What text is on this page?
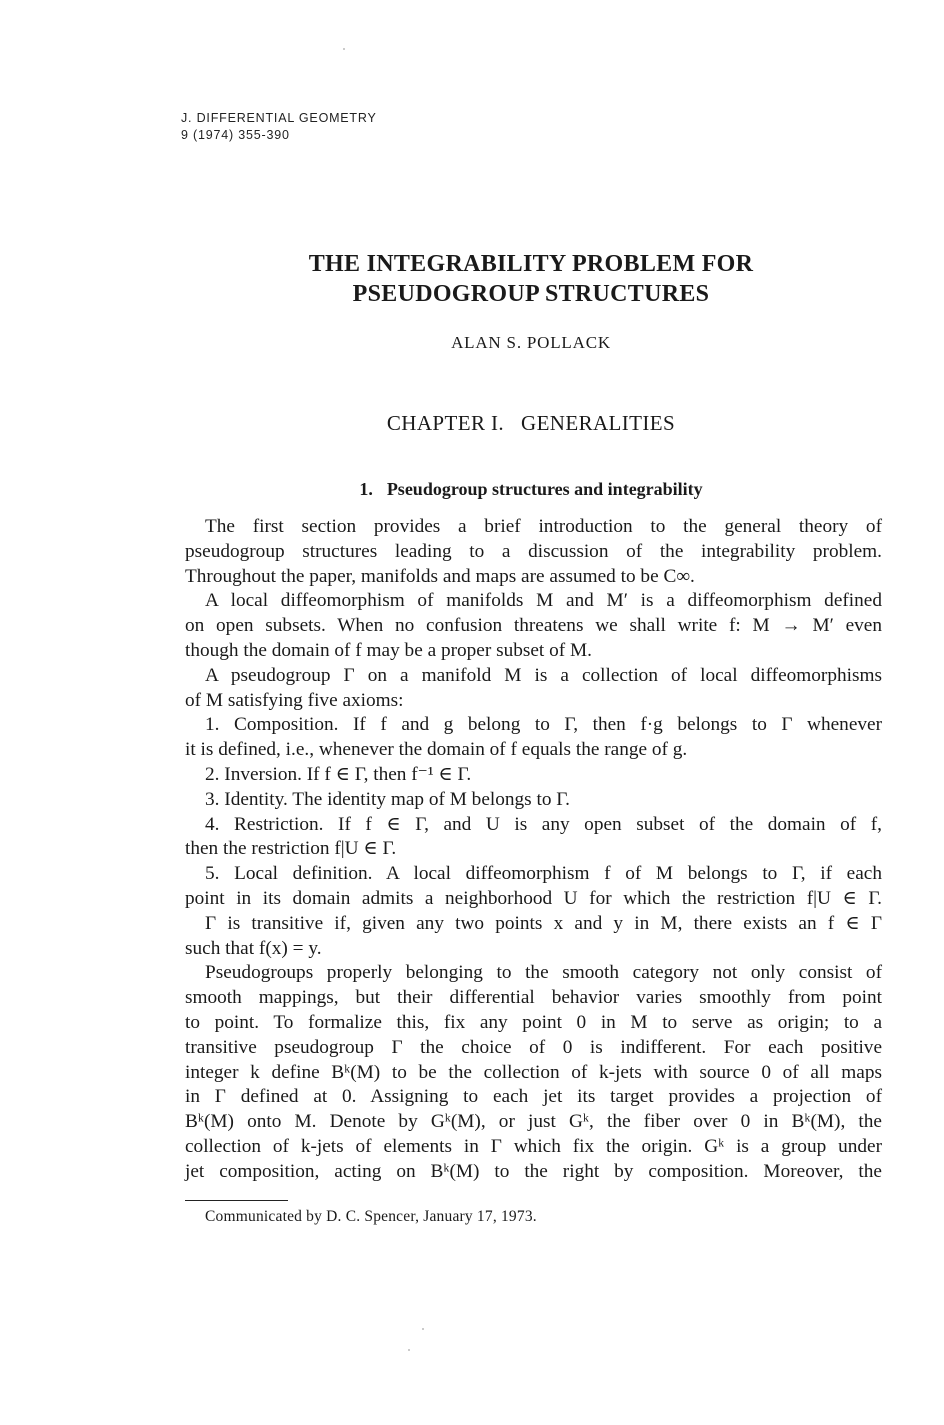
J. DIFFERENTIAL GEOMETRY
9 (1974) 355-390
THE INTEGRABILITY PROBLEM FOR
PSEUDOGROUP STRUCTURES
ALAN S. POLLACK
CHAPTER I.   GENERALITIES
1. Pseudogroup structures and integrability
The first section provides a brief introduction to the general theory of
pseudogroup structures leading to a discussion of the integrability problem.
Throughout the paper, manifolds and maps are assumed to be C∞.
A local diffeomorphism of manifolds M and M′ is a diffeomorphism defined
on open subsets. When no confusion threatens we shall write f: M → M′ even
though the domain of f may be a proper subset of M.
A pseudogroup Γ on a manifold M is a collection of local diffeomorphisms
of M satisfying five axioms:
1. Composition. If f and g belong to Γ, then f·g belongs to Γ whenever
it is defined, i.e., whenever the domain of f equals the range of g.
2. Inversion. If f ∈ Γ, then f⁻¹ ∈ Γ.
3. Identity. The identity map of M belongs to Γ.
4. Restriction. If f ∈ Γ, and U is any open subset of the domain of f,
then the restriction f|U ∈ Γ.
5. Local definition. A local diffeomorphism f of M belongs to Γ, if each
point in its domain admits a neighborhood U for which the restriction f|U ∈ Γ.
Γ is transitive if, given any two points x and y in M, there exists an f ∈ Γ
such that f(x) = y.
Pseudogroups properly belonging to the smooth category not only consist of
smooth mappings, but their differential behavior varies smoothly from point
to point. To formalize this, fix any point 0 in M to serve as origin; to a
transitive pseudogroup Γ the choice of 0 is indifferent. For each positive
integer k define Bᵏ(M) to be the collection of k-jets with source 0 of all maps
in Γ defined at 0. Assigning to each jet its target provides a projection of
Bᵏ(M) onto M. Denote by Gᵏ(M), or just Gᵏ, the fiber over 0 in Bᵏ(M), the
collection of k-jets of elements in Γ which fix the origin. Gᵏ is a group under
jet composition, acting on Bᵏ(M) to the right by composition. Moreover, the
Communicated by D. C. Spencer, January 17, 1973.
